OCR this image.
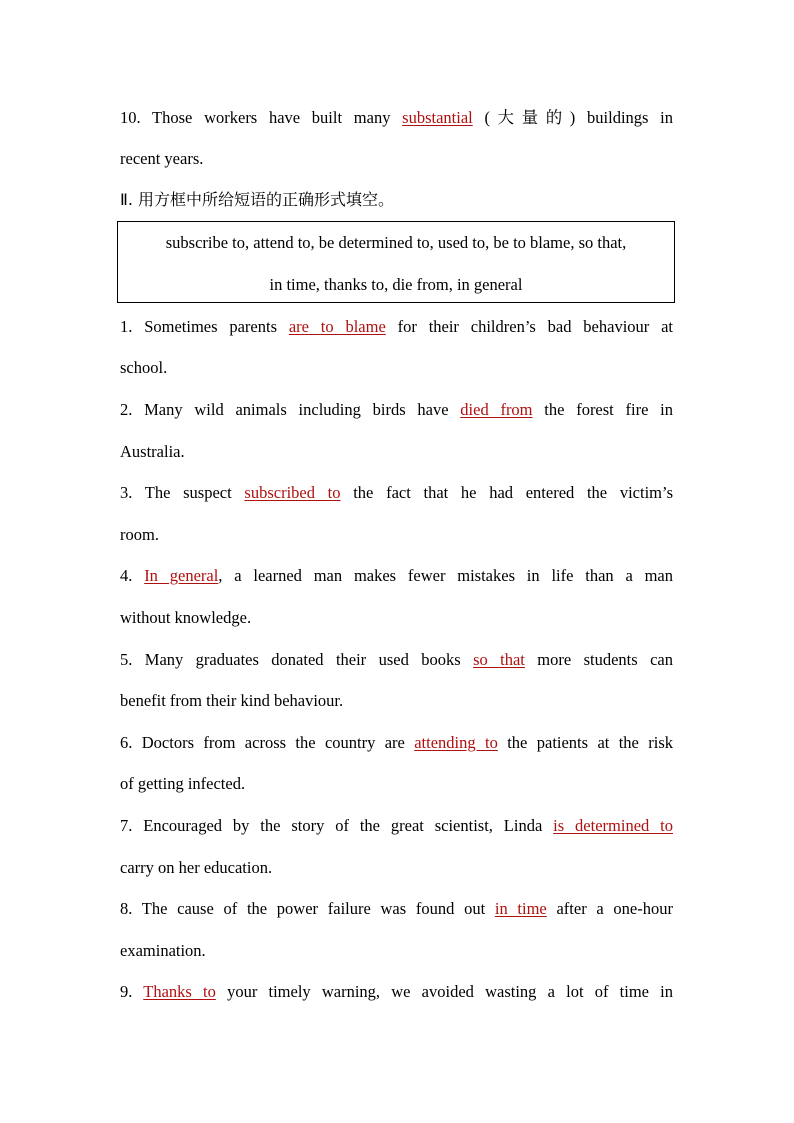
10. Those workers have built many substantial (大量的) buildings in
recent years.
Ⅱ. 用方框中所给短语的正确形式填空。
subscribe to, attend to, be determined to, used to, be to blame, so that,
in time, thanks to, die from, in general
1. Sometimes parents are to blame for their children’s bad behaviour at
school.
2. Many wild animals including birds have died from the forest fire in
Australia.
3. The suspect subscribed to the fact that he had entered the victim’s
room.
4. In general, a learned man makes fewer mistakes in life than a man
without knowledge.
5. Many graduates donated their used books so that more students can
benefit from their kind behaviour.
6. Doctors from across the country are attending to the patients at the risk
of getting infected.
7. Encouraged by the story of the great scientist, Linda is determined to
carry on her education.
8. The cause of the power failure was found out in time after a one-hour
examination.
9. Thanks to your timely warning, we avoided wasting a lot of time in
